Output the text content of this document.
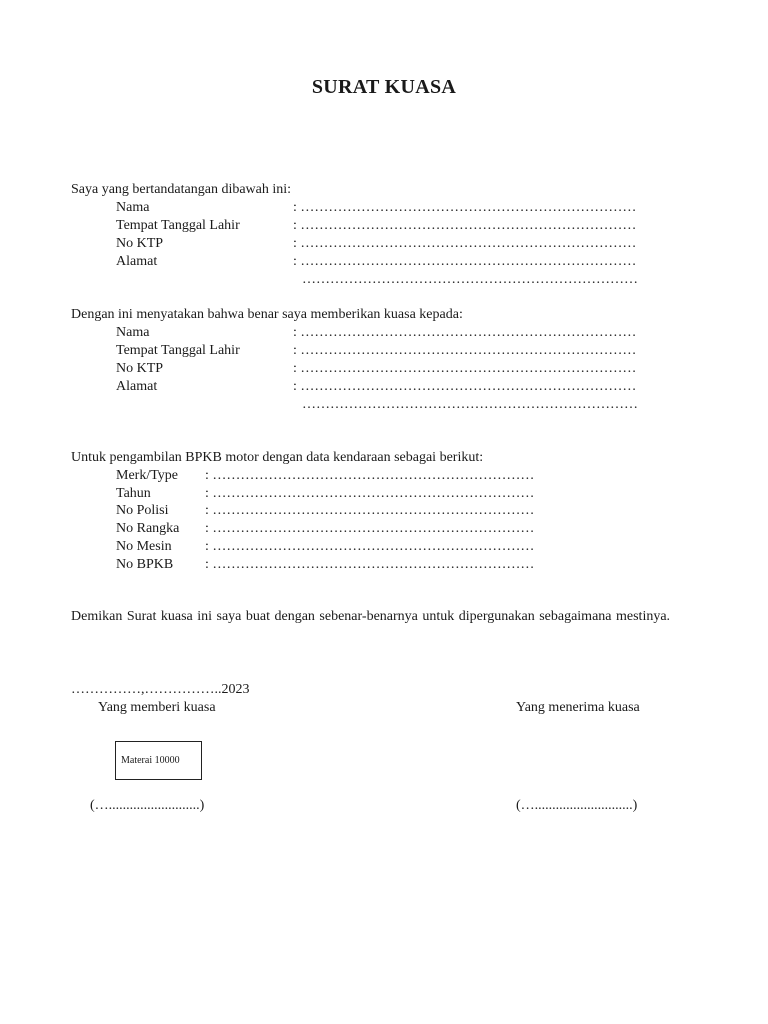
SURAT KUASA
Saya yang bertandatangan dibawah ini:
Nama	: ………………………………………………………………
Tempat Tanggal Lahir	: ………………………………………………………………
No KTP	: ………………………………………………………………
Alamat	: ………………………………………………………………
………………………………………………………………
Dengan ini menyatakan bahwa benar saya memberikan kuasa kepada:
Nama	: ………………………………………………………………
Tempat Tanggal Lahir	: ………………………………………………………………
No KTP	: ………………………………………………………………
Alamat	: ………………………………………………………………
………………………………………………………………
Untuk pengambilan BPKB motor dengan data kendaraan sebagai berikut:
Merk/Type : ……………………………………………………………
Tahun	: ……………………………………………………………
No Polisi	: ……………………………………………………………
No Rangka : ……………………………………………………………
No Mesin : ……………………………………………………………
No BPKB : ……………………………………………………………
Demikan Surat kuasa ini saya buat dengan sebenar-benarnya untuk dipergunakan sebagaimana mestinya.
……………,……………..2023
Yang memberi kuasa	Yang menerima kuasa
Materai 10000
(…..........................)	(…............................)
